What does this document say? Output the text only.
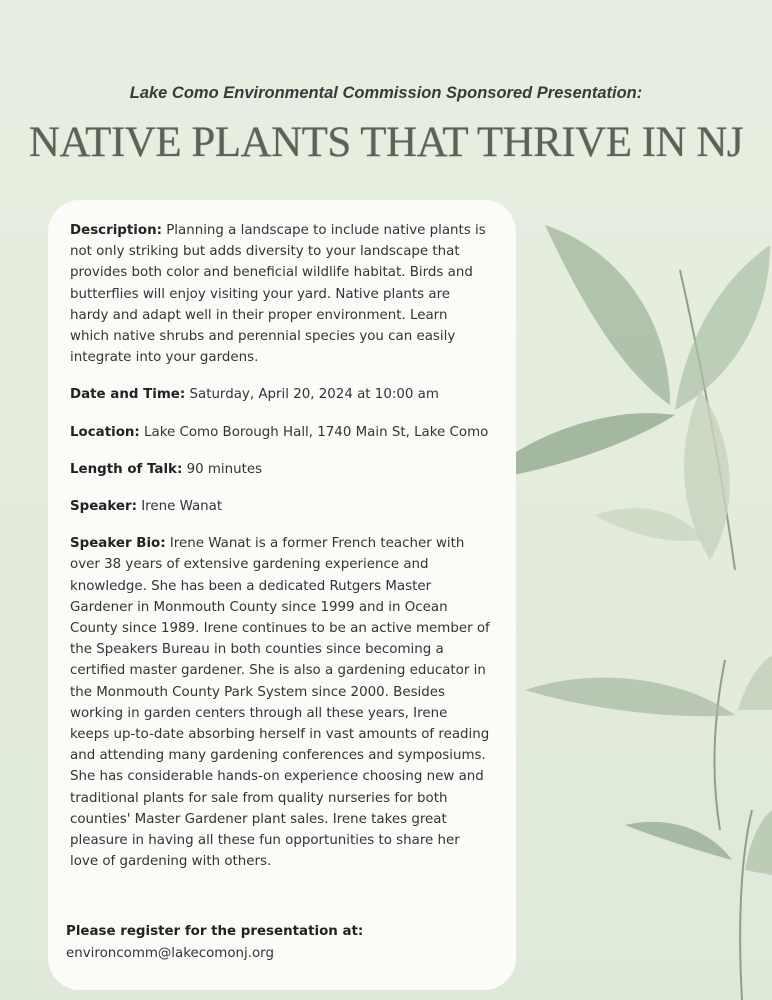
Lake Como Environmental Commission Sponsored Presentation:
NATIVE PLANTS THAT THRIVE IN NJ

Description: Planning a landscape to include native plants is not only striking but adds diversity to your landscape that provides both color and beneficial wildlife habitat. Birds and butterflies will enjoy visiting your yard. Native plants are hardy and adapt well in their proper environment. Learn which native shrubs and perennial species you can easily integrate into your gardens.

Date and Time: Saturday, April 20, 2024 at 10:00 am

Location: Lake Como Borough Hall, 1740 Main St, Lake Como

Length of Talk: 90 minutes

Speaker: Irene Wanat

Speaker Bio: Irene Wanat is a former French teacher with over 38 years of extensive gardening experience and knowledge. She has been a dedicated Rutgers Master Gardener in Monmouth County since 1999 and in Ocean County since 1989. Irene continues to be an active member of the Speakers Bureau in both counties since becoming a certified master gardener. She is also a gardening educator in the Monmouth County Park System since 2000. Besides working in garden centers through all these years, Irene keeps up-to-date absorbing herself in vast amounts of reading and attending many gardening conferences and symposiums. She has considerable hands-on experience choosing new and traditional plants for sale from quality nurseries for both counties' Master Gardener plant sales. Irene takes great pleasure in having all these fun opportunities to share her love of gardening with others.

Please register for the presentation at:
environcomm@lakecomonj.org
